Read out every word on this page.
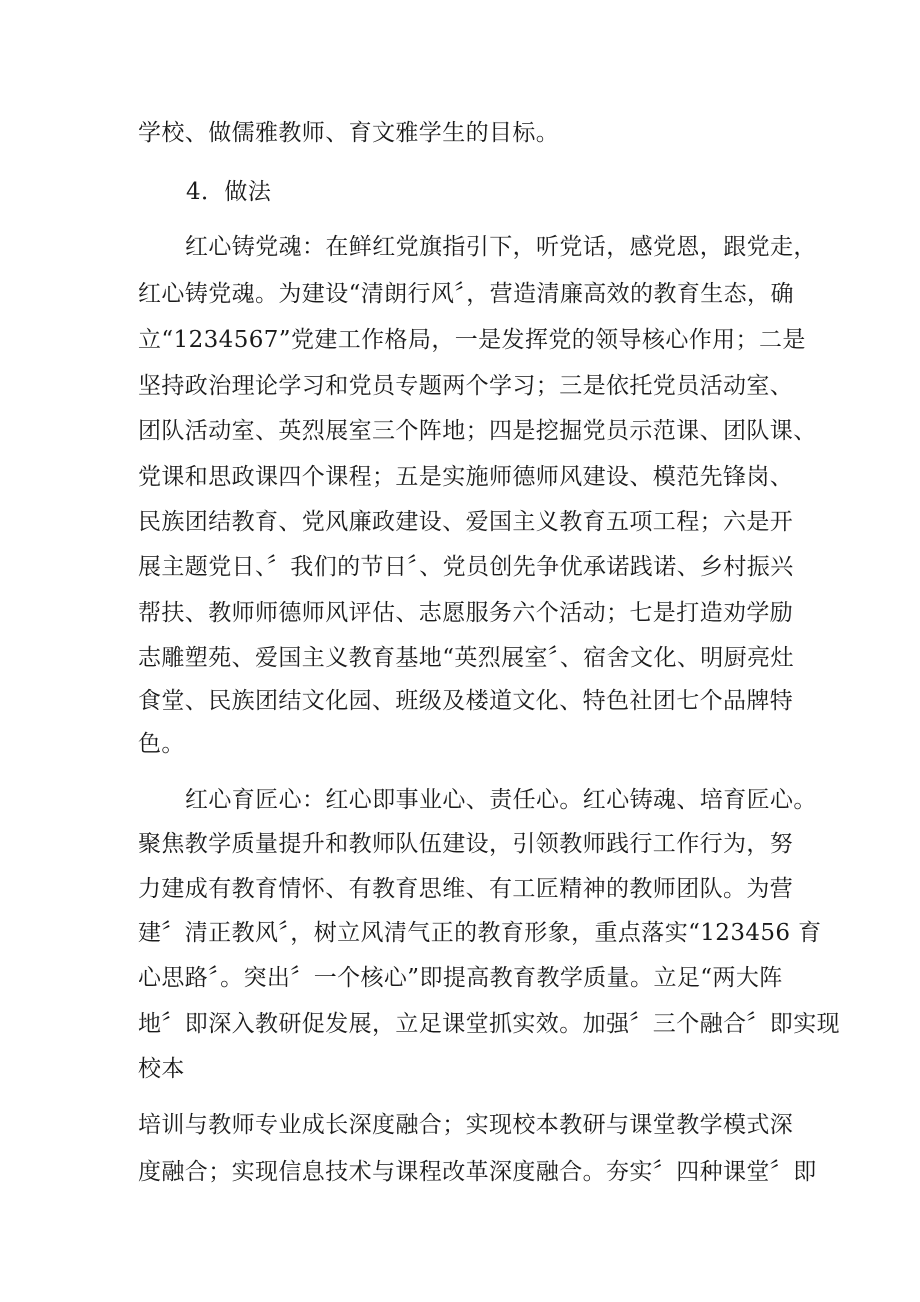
学校、做儒雅教师、育文雅学生的目标。
4．做法
红心铸党魂：在鲜红党旗指引下，听党话，感党恩，跟党走，
红心铸党魂。为建设“清朗行风〞，营造清廉高效的教育生态，确
立“1234567”党建工作格局，一是发挥党的领导核心作用；二是
坚持政治理论学习和党员专题两个学习；三是依托党员活动室、
团队活动室、英烈展室三个阵地；四是挖掘党员示范课、团队课、
党课和思政课四个课程；五是实施师德师风建设、模范先锋岗、
民族团结教育、党风廉政建设、爱国主义教育五项工程；六是开
展主题党日、〞我们的节日〞、党员创先争优承诺践诺、乡村振兴
帮扶、教师师德师风评估、志愿服务六个活动；七是打造劝学励
志雕塑苑、爱国主义教育基地“英烈展室〞、宿舍文化、明厨亮灶
食堂、民族团结文化园、班级及楼道文化、特色社团七个品牌特
色。
红心育匠心：红心即事业心、责任心。红心铸魂、培育匠心。
聚焦教学质量提升和教师队伍建设，引领教师践行工作行为，努
力建成有教育情怀、有教育思维、有工匠精神的教师团队。为营
建〞清正教风〞，树立风清气正的教育形象，重点落实“123456 育
心思路〞。突出〞一个核心”即提高教育教学质量。立足“两大阵
地〞即深入教研促发展，立足课堂抓实效。加强〞三个融合〞即实现
校本
培训与教师专业成长深度融合；实现校本教研与课堂教学模式深
度融合；实现信息技术与课程改革深度融合。夯实〞四种课堂〞即
